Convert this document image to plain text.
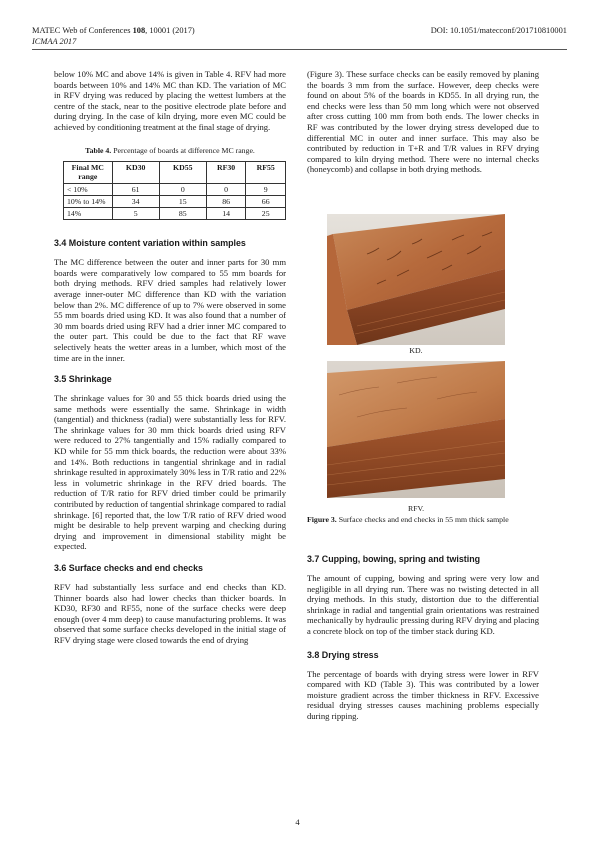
MATEC Web of Conferences 108, 10001 (2017)
ICMAA 2017
DOI: 10.1051/matecconf/201710810001

below 10% MC and above 14% is given in Table 4. RFV had more boards between 10% and 14% MC than KD. The variation of MC in RFV drying was reduced by placing the wettest lumbers at the centre of the stack, near to the positive electrode plate before and during drying. In the case of kiln drying, more even MC could be achieved by conditioning treatment at the final stage of drying.

Table 4. Percentage of boards at difference MC range.
Final MC range	KD30	KD55	RF30	RF55
< 10%	61	0	0	9
10% to 14%	34	15	86	66
14%	5	85	14	25
3.4 Moisture content variation within samples

The MC difference between the outer and inner parts for 30 mm boards were comparatively low compared to 55 mm boards for both drying methods. RFV dried samples had relatively lower average inner-outer MC difference than KD with the variation below than 2%. MC difference of up to 7% were observed in some 55 mm boards dried using KD. It was also found that a number of 30 mm boards dried using RFV had a drier inner MC compared to the outer part. This could be due to the fact that RF wave selectively heats the wetter areas in a lumber, which most of the time are in the inner.

3.5 Shrinkage

The shrinkage values for 30 and 55 thick boards dried using the same methods were essentially the same. Shrinkage in width (tangential) and thickness (radial) were substantially less for RFV. The shrinkage values for 30 mm thick boards dried using RFV were reduced to 27% tangentially and 15% radially compared to KD while for 55 mm thick boards, the reduction were about 33% and 14%. Both reductions in tangential shrinkage and in radial shrinkage resulted in approximately 30% less in T/R ratio and 22% less in volumetric shrinkage in the RFV dried boards. The reduction of T/R ratio for RFV dried timber could be primarily contributed by reduction of tangential shrinkage compared to radial shrinkage. [6] reported that, the low T/R ratio of RFV dried wood might be desirable to help prevent warping and checking during drying and improvement in dimensional stability might be expected.

3.6 Surface checks and end checks

RFV had substantially less surface and end checks than KD. Thinner boards also had lower checks than thicker boards. In KD30, RF30 and RF55, none of the surface checks were deep enough (over 4 mm deep) to cause manufacturing problems. It was observed that some surface checks developed in the initial stage of RFV drying stage were closed towards the end of drying

(Figure 3). These surface checks can be easily removed by planing the boards 3 mm from the surface. However, deep checks were found on about 5% of the boards in KD55. In all drying run, the end checks were less than 50 mm long which were not observed after cross cutting 100 mm from both ends. The lower checks in RF was contributed by the lower drying stress developed due to differential MC in outer and inner surface. This may also be contributed by reduction in T+R and T/R values in RFV drying compared to kiln drying method. There were no internal checks (honeycomb) and collapse in both drying methods.

KD.
RFV.
Figure 3. Surface checks and end checks in 55 mm thick sample
3.7 Cupping, bowing, spring and twisting

The amount of cupping, bowing and spring were very low and negligible in all drying run. There was no twisting detected in all drying methods. In this study, distortion due to the differential shrinkage in radial and tangential grain orientations was restrained mechanically by hydraulic pressing during RFV drying and placing a concrete block on top of the timber stack during KD.

3.8 Drying stress

The percentage of boards with drying stress were lower in RFV compared with KD (Table 3). This was contributed by a lower moisture gradient across the timber thickness in RFV. Excessive residual drying stresses causes machining problems especially during ripping.

4
